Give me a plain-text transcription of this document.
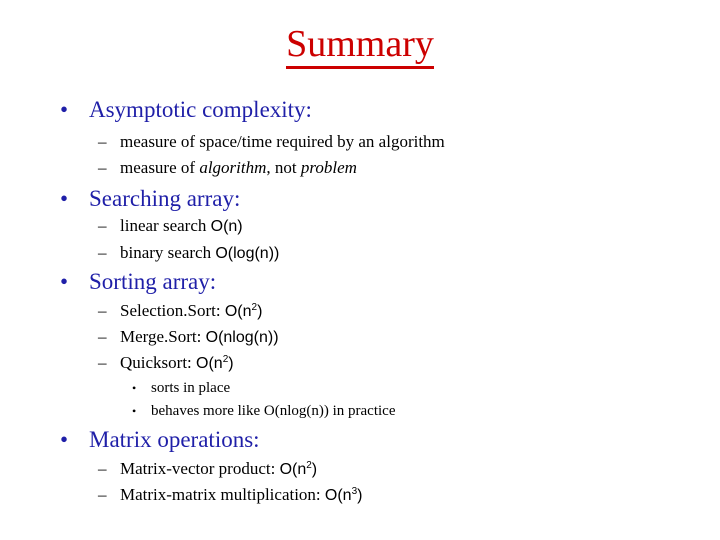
Summary
• Asymptotic complexity:
– measure of space/time required by an algorithm
– measure of algorithm, not problem
• Searching array:
– linear search O(n)
– binary search O(log(n))
• Sorting array:
– Selection.Sort: $O(n^2)$
– Merge.Sort: O(nlog(n))
– Quicksort: $O(n^2)$
• sorts in place
• behaves more like O(nlog(n)) in practice
• Matrix operations:
– Matrix-vector product: $O(n^2)$
– Matrix-matrix multiplication: $O(n^3)$
